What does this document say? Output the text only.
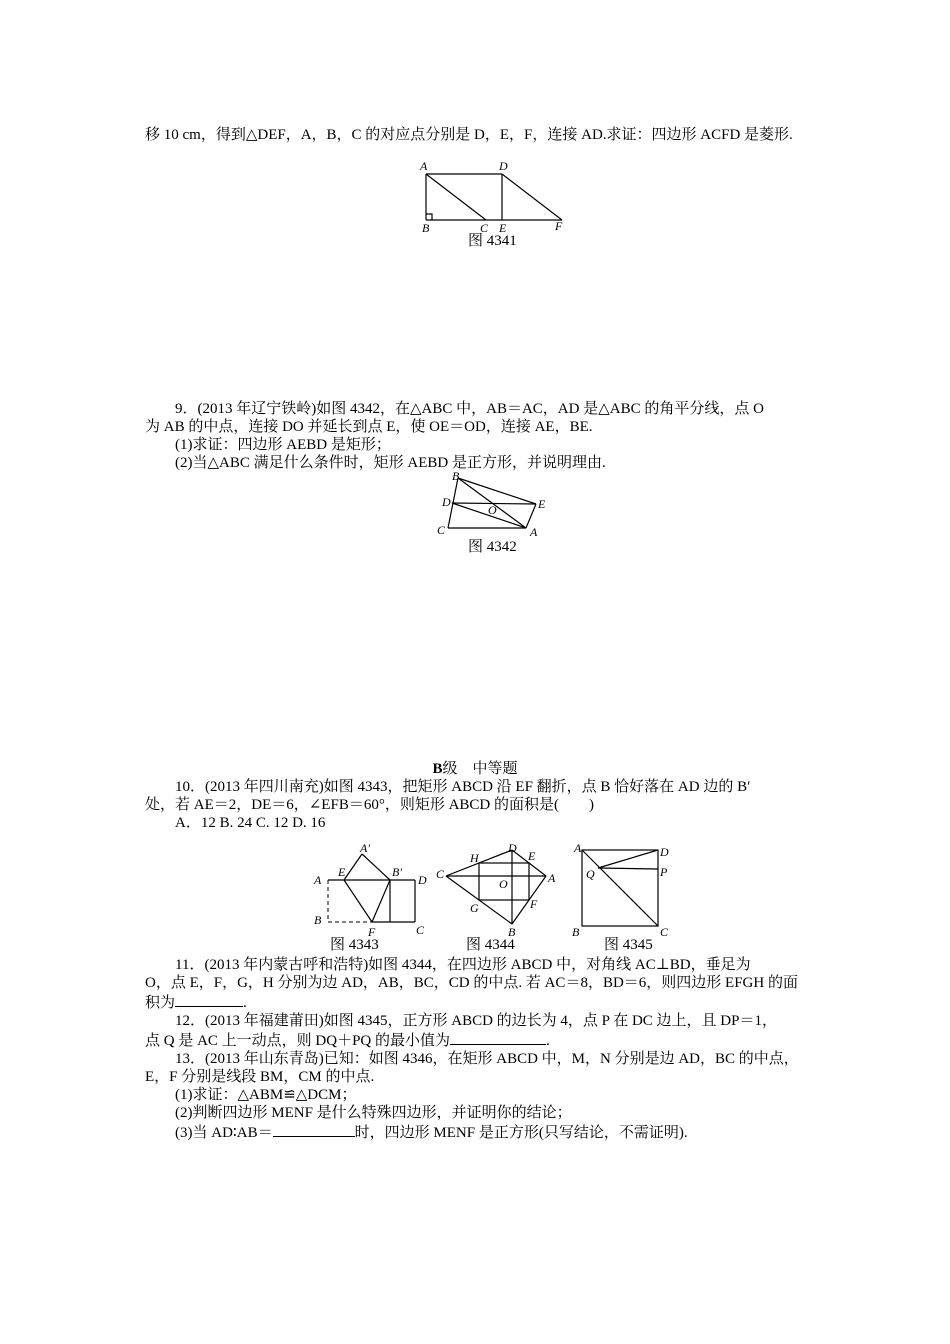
移 10 cm，得到△DEF，A，B，C 的对应点分别是 D，E，F，连接 AD.求证：四边形 ACFD 是菱形.
A	D
B	C E	F
图 4341
9．(2013 年辽宁铁岭)如图 4342，在△ABC 中，AB＝AC，AD 是△ABC 的角平分线，点 O
为 AB 的中点，连接 DO 并延长到点 E，使 OE＝OD，连接 AE，BE.
(1)求证：四边形 AEBD 是矩形；
(2)当△ABC 满足什么条件时，矩形 AEBD 是正方形，并说明理由.
B
D
O	E
C	A
图 4342
B级　中等题
10．(2013 年四川南充)如图 4343，把矩形 ABCD 沿 EF 翻折，点 B 恰好落在 AD 边的 B′
处，若 AE＝2，DE＝6，∠EFB＝60°，则矩形 ABCD 的面积是(　　)
A．12 B. 24 C. 12 D. 16
A'
A
E	B'
D
B
C
F
图 4343
D
H	E
C
O	A
G	F
B
图 4344
A	D
Q	P
B	C
图 4345
11．(2013 年内蒙古呼和浩特)如图 4344，在四边形 ABCD 中，对角线 AC⊥BD，垂足为
O，点 E，F，G，H 分别为边 AD，AB，BC，CD 的中点. 若 AC＝8，BD＝6，则四边形 EFGH 的面
积为	.
12．(2013 年福建莆田)如图 4345，正方形 ABCD 的边长为 4，点 P 在 DC 边上，且 DP＝1，
点 Q 是 AC 上一动点，则 DQ＋PQ 的最小值为	.
13．(2013 年山东青岛)已知：如图 4346，在矩形 ABCD 中，M，N 分别是边 AD，BC 的中点，
E，F 分别是线段 BM，CM 的中点.
(1)求证：△ABM≌△DCM；
(2)判断四边形 MENF 是什么特殊四边形，并证明你的结论；
(3)当 AD∶AB＝	时，四边形 MENF 是正方形(只写结论，不需证明).
